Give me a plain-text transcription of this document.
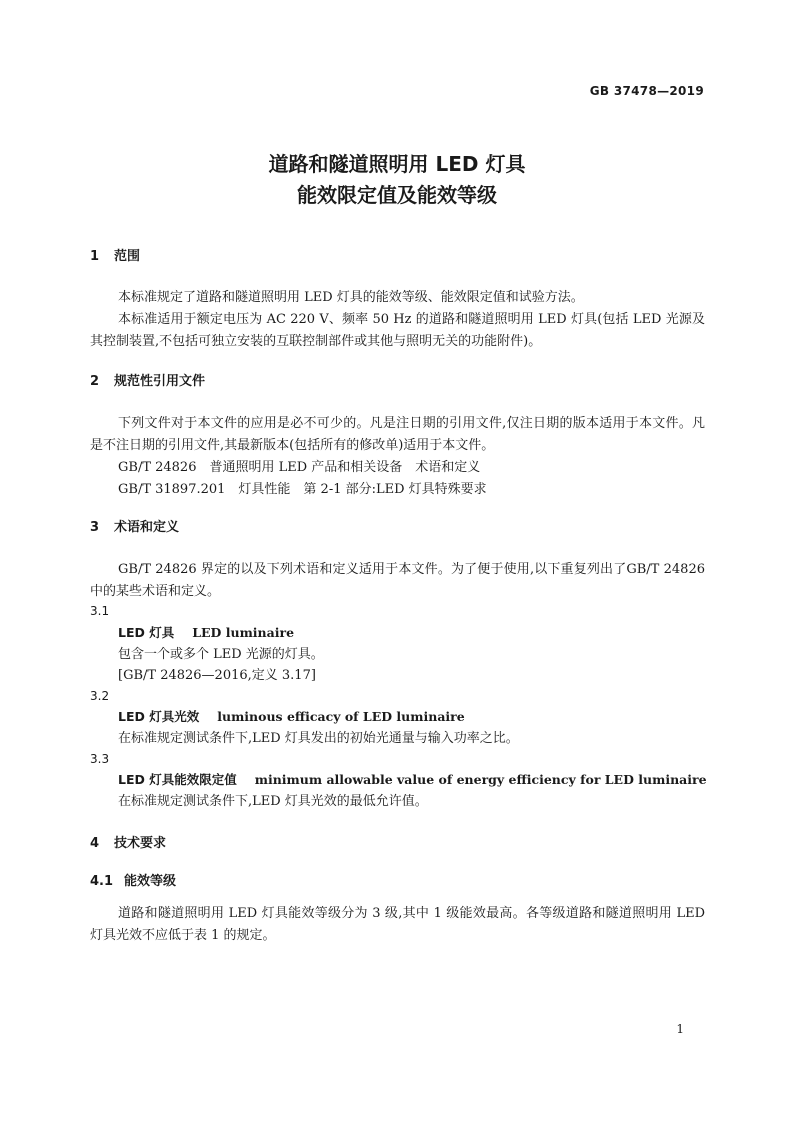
GB 37478—2019
道路和隧道照明用 LED 灯具
能效限定值及能效等级
1 范围
本标准规定了道路和隧道照明用 LED 灯具的能效等级、能效限定值和试验方法。
本标准适用于额定电压为 AC 220 V、频率 50 Hz 的道路和隧道照明用 LED 灯具(包括 LED 光源及其控制装置,不包括可独立安装的互联控制部件或其他与照明无关的功能附件)。
2 规范性引用文件
下列文件对于本文件的应用是必不可少的。凡是注日期的引用文件,仅注日期的版本适用于本文件。凡是不注日期的引用文件,其最新版本(包括所有的修改单)适用于本文件。
GB/T 24826　普通照明用 LED 产品和相关设备　术语和定义
GB/T 31897.201　灯具性能　第 2-1 部分:LED 灯具特殊要求
3 术语和定义
GB/T 24826 界定的以及下列术语和定义适用于本文件。为了便于使用,以下重复列出了GB/T 24826 中的某些术语和定义。
3.1
LED 灯具 LED luminaire
包含一个或多个 LED 光源的灯具。
[GB/T 24826—2016,定义 3.17]
3.2
LED 灯具光效 luminous efficacy of LED luminaire
在标准规定测试条件下,LED 灯具发出的初始光通量与输入功率之比。
3.3
LED 灯具能效限定值 minimum allowable value of energy efficiency for LED luminaire
在标准规定测试条件下,LED 灯具光效的最低允许值。
4 技术要求
4.1 能效等级
道路和隧道照明用 LED 灯具能效等级分为 3 级,其中 1 级能效最高。各等级道路和隧道照明用 LED 灯具光效不应低于表 1 的规定。
1
